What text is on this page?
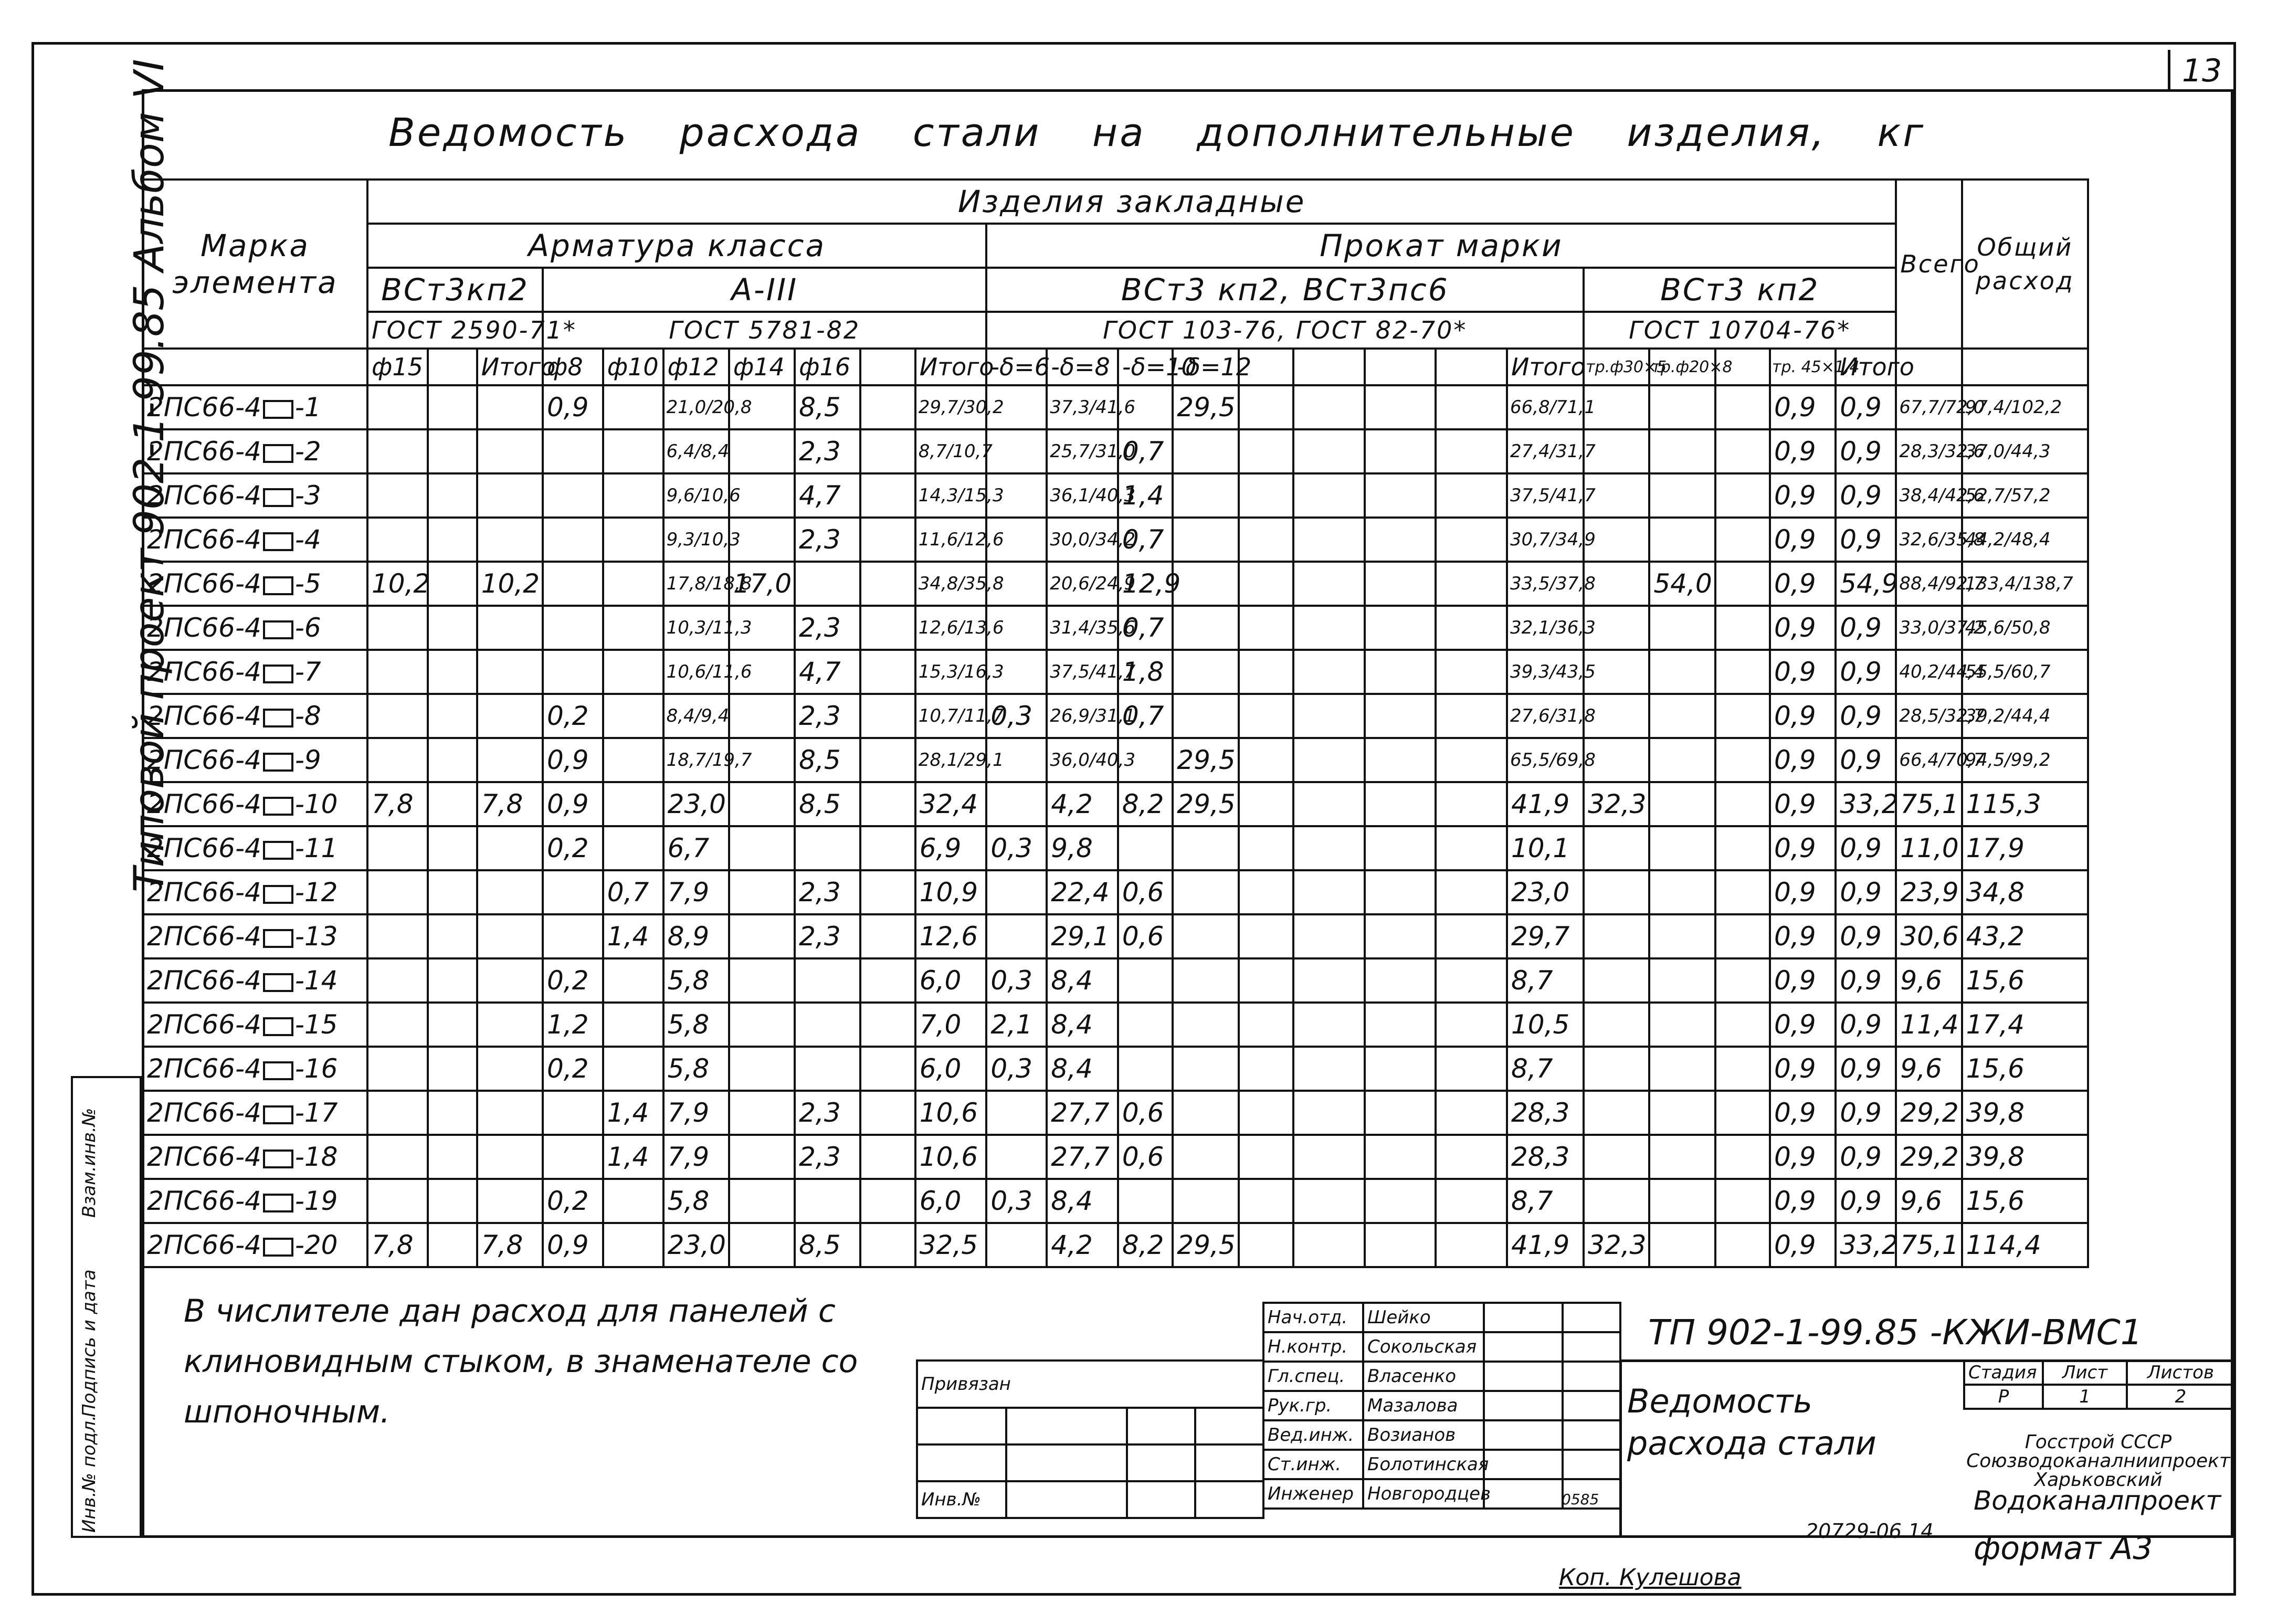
13
Типовой проект 902-1-99.85 Альбом VI	Ведомость расхода стали на дополнительные изделия, кг
Марка элемента	Изделия закладные																								Всего	Общий расход
	Арматура класса										Прокат марки															
	ВСт3кп2			А-III							ВСт3 кп2, ВСт3пс6									ВСт3 кп2						
	ГОСТ 2590-71*			ГОСТ 5781-82							ГОСТ 103-76, ГОСТ 82-70*									ГОСТ 10704-76*						
	ф15		Итого	ф8	ф10	ф12	ф14	ф16		Итого	-δ=6	-δ=8	-δ=10	-δ=12					Итого	тр.ф30×5	тр.ф20×8		тр. 45×1,4	Итого		
2ПС66-4 -1				0,9		21,0/20,8		8,5		29,7/30,2		37,3/41,6		29,5					66,8/71,1				0,9	0,9	67,7/72,0	97,4/102,2
2ПС66-4 -2						6,4/8,4		2,3		8,7/10,7		25,7/31,0	0,7						27,4/31,7				0,9	0,9	28,3/32,6	37,0/44,3
2ПС66-4 -3						9,6/10,6		4,7		14,3/15,3		36,1/40,3	1,4						37,5/41,7				0,9	0,9	38,4/42,6	52,7/57,2
2ПС66-4 -4						9,3/10,3		2,3		11,6/12,6		30,0/34,2	0,7						30,7/34,9				0,9	0,9	32,6/35,8	44,2/48,4
2ПС66-4 -5	10,2		10,2			17,8/18,8	17,0			34,8/35,8		20,6/24,9	12,9						33,5/37,8		54,0		0,9	54,9	88,4/92,7	133,4/138,7
2ПС66-4 -6						10,3/11,3		2,3		12,6/13,6		31,4/35,6	0,7						32,1/36,3				0,9	0,9	33,0/37,2	45,6/50,8
2ПС66-4 -7						10,6/11,6		4,7		15,3/16,3		37,5/41,7	1,8						39,3/43,5				0,9	0,9	40,2/44,4	55,5/60,7
2ПС66-4 -8				0,2		8,4/9,4		2,3		10,7/11,7	0,3	26,9/31,1	0,7						27,6/31,8				0,9	0,9	28,5/32,7	39,2/44,4
2ПС66-4 -9				0,9		18,7/19,7		8,5		28,1/29,1		36,0/40,3		29,5					65,5/69,8				0,9	0,9	66,4/70,7	94,5/99,2
2ПС66-4 -10	7,8		7,8	0,9		23,0		8,5		32,4		4,2	8,2	29,5					41,9	32,3			0,9	33,2	75,1	115,3
2ПС66-4 -11				0,2		6,7				6,9	0,3	9,8							10,1				0,9	0,9	11,0	17,9
2ПС66-4 -12					0,7	7,9		2,3		10,9		22,4	0,6						23,0				0,9	0,9	23,9	34,8
2ПС66-4 -13					1,4	8,9		2,3		12,6		29,1	0,6						29,7				0,9	0,9	30,6	43,2
2ПС66-4 -14				0,2		5,8				6,0	0,3	8,4							8,7				0,9	0,9	9,6	15,6
2ПС66-4 -15				1,2		5,8				7,0	2,1	8,4							10,5				0,9	0,9	11,4	17,4
2ПС66-4 -16				0,2		5,8				6,0	0,3	8,4							8,7				0,9	0,9	9,6	15,6
2ПС66-4 -17					1,4	7,9		2,3		10,6		27,7	0,6						28,3				0,9	0,9	29,2	39,8
2ПС66-4 -18					1,4	7,9		2,3		10,6		27,7	0,6						28,3				0,9	0,9	29,2	39,8
2ПС66-4 -19				0,2		5,8				6,0	0,3	8,4							8,7				0,9	0,9	9,6	15,6
2ПС66-4 -20	7,8		7,8	0,9		23,0		8,5		32,5		4,2	8,2	29,5					41,9	32,3			0,9	33,2	75,1	114,4
В числителе дан расход для панелей с клиновидным стыком, в знаменателе со шпоночным.
Инв.№ подл.
Подпись и дата
Взам.инв.№
Привязан			

Инв.№			
Нач.отд.	Шейко		
Н.контр.	Сокольская		
Гл.спец.	Власенко		
Рук.гр.	Мазалова		
Вед.инж.	Возианов		
Ст.инж.	Болотинская		
Инженер	Новгородцев			0585
ТП 902-1-99.85 -КЖИ-ВМС1
Ведомость расхода стали
Стадия	Лист	Листов
Р	1	2
Госстрой СССР
Союзводоканалниипроект
Харьковский
Водоканалпроект
20729-06 14 формат А3
Коп. Кулешова
